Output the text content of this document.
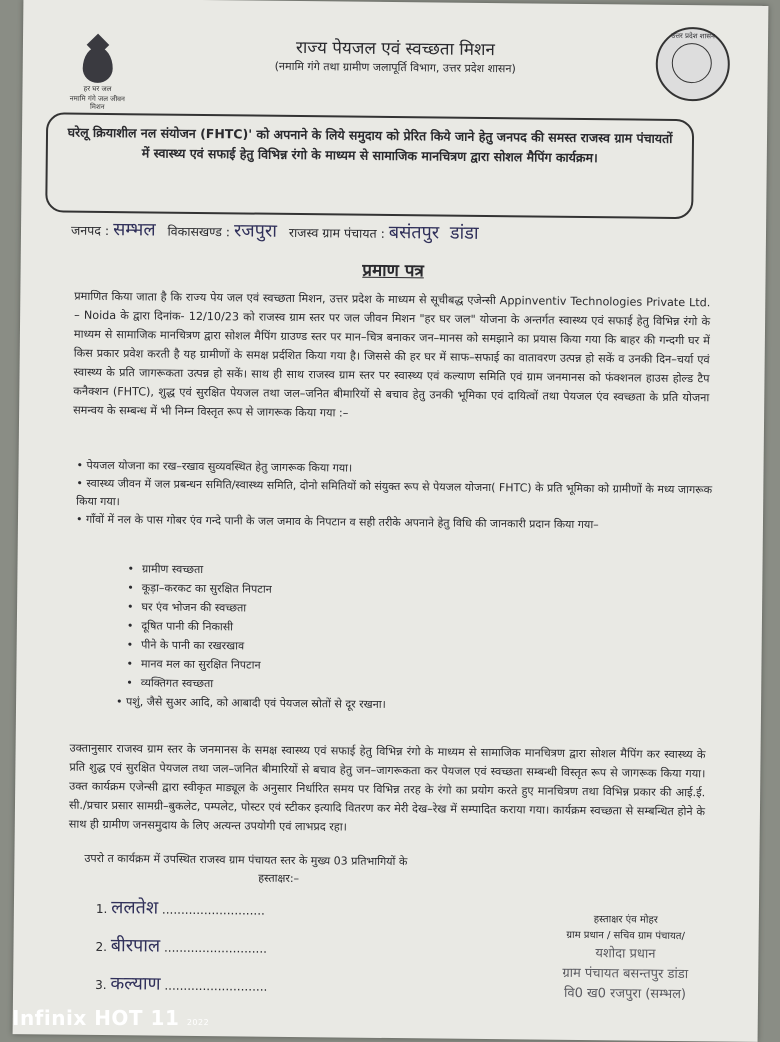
हर घर जल
नमामि गंगे जल जीवन मिशन
उत्तर प्रदेश शासन
राज्य पेयजल एवं स्वच्छता मिशन
(नमामि गंगे तथा ग्रामीण जलापूर्ति विभाग, उत्तर प्रदेश शासन)

घरेलू क्रियाशील नल संयोजन (FHTC)' को अपनाने के लिये समुदाय को प्रेरित किये जाने हेतु जनपद की समस्त राजस्व ग्राम पंचायतों में स्वास्थ्य एवं सफाई हेतु विभिन्न रंगो के माध्यम से सामाजिक मानचित्रण द्वारा सोशल मैपिंग कार्यक्रम।

जनपद : सम्भल विकासखण्ड : रजपुरा राजस्व ग्राम पंचायत : बसंतपुर डांडा
प्रमाण पत्र
प्रमाणित किया जाता है कि राज्य पेय जल एवं स्वच्छता मिशन, उत्तर प्रदेश के माध्यम से सूचीबद्ध एजेन्सी Appinventiv Technologies Private Ltd. – Noida के द्वारा दिनांक- 12/10/23 को राजस्व ग्राम स्तर पर जल जीवन मिशन "हर घर जल" योजना के अन्तर्गत स्वास्थ्य एवं सफाई हेतु विभिन्न रंगो के माध्यम से सामाजिक मानचित्रण द्वारा सोशल मैपिंग ग्राउण्ड स्तर पर मान–चित्र बनाकर जन–मानस को समझाने का प्रयास किया गया कि बाहर की गन्दगी घर में किस प्रकार प्रवेश करती है यह ग्रामीणों के समक्ष प्रर्दशित किया गया है। जिससे की हर घर में साफ–सफाई का वातावरण उत्पन्न हो सकें व उनकी दिन–चर्या एवं स्वास्थ्य के प्रति जागरूकता उत्पन्न हो सकें। साथ ही साथ राजस्व ग्राम स्तर पर स्वास्थ्य एवं कल्याण समिति एवं ग्राम जनमानस को फंक्शनल हाउस होल्ड टैप कनैक्शन (FHTC), शुद्ध एवं सुरक्षित पेयजल तथा जल–जनित बीमारियों से बचाव हेतु उनकी भूमिका एवं दायित्वों तथा पेयजल एंव स्वच्छता के प्रति योजना समन्वय के सम्बन्ध में भी निम्न विस्तृत रूप से जागरूक किया गया :–
• पेयजल योजना का रख–रखाव सुव्यवस्थित हेतु जागरूक किया गया।
• स्वास्थ्य जीवन में जल प्रबन्धन समिति/स्वास्थ्य समिति, दोनो समितियों को संयुक्त रूप से पेयजल योजना( FHTC) के प्रति भूमिका को ग्रामीणों के मध्य जागरूक किया गया।
• गाँवों में नल के पास गोबर एंव गन्दे पानी के जल जमाव के निपटान व सही तरीके अपनाने हेतु विधि की जानकारी प्रदान किया गया–
• ग्रामीण स्वच्छता
• कूड़ा–करकट का सुरक्षित निपटान
• घर एंव भोजन की स्वच्छता
• दूषित पानी की निकासी
• पीने के पानी का रखरखाव
• मानव मल का सुरक्षित निपटान
• व्यक्तिगत स्वच्छता
• पशुं, जैसे सुअर आदि, को आबादी एवं पेयजल स्रोतों से दूर रखना।
उक्तानुसार राजस्व ग्राम स्तर के जनमानस के समक्ष स्वास्थ्य एवं सफाई हेतु विभिन्न रंगो के माध्यम से सामाजिक मानचित्रण द्वारा सोशल मैपिंग कर स्वास्थ्य के प्रति शुद्ध एवं सुरक्षित पेयजल तथा जल–जनित बीमारियों से बचाव हेतु जन–जागरूकता कर पेयजल एवं स्वच्छता सम्बन्धी विस्तृत रूप से जागरूक किया गया। उक्त कार्यक्रम एजेन्सी द्वारा स्वीकृत माड्यूल के अनुसार निर्धारित समय पर विभिन्न तरह के रंगो का प्रयोग करते हुए मानचित्रण तथा विभिन्न प्रकार की आई.ई. सी./प्रचार प्रसार सामग्री–बुकलेट, पम्पलेट, पोस्टर एवं स्टीकर इत्यादि वितरण कर मेरी देख–रेख में सम्पादित कराया गया। कार्यक्रम स्वच्छता से सम्बन्धित होने के साथ ही ग्रामीण जनसमुदाय के लिए अत्यन्त उपयोगी एवं लाभप्रद रहा।
उपरो त कार्यक्रम में उपस्थित राजस्व ग्राम पंचायत स्तर के मुख्य 03 प्रतिभागियों के
हस्ताक्षर:–
1. ललतेश ...........................
2. बीरपाल ...........................
3. कल्याण ...........................
हस्ताक्षर एंव मोहर
ग्राम प्रधान / सचिव ग्राम पंचायत/
यशोदा प्रधान
ग्राम पंचायत बसन्तपुर डांडा
वि0 ख0 रजपुरा (सम्भल)
Infinix HOT 11 2022
